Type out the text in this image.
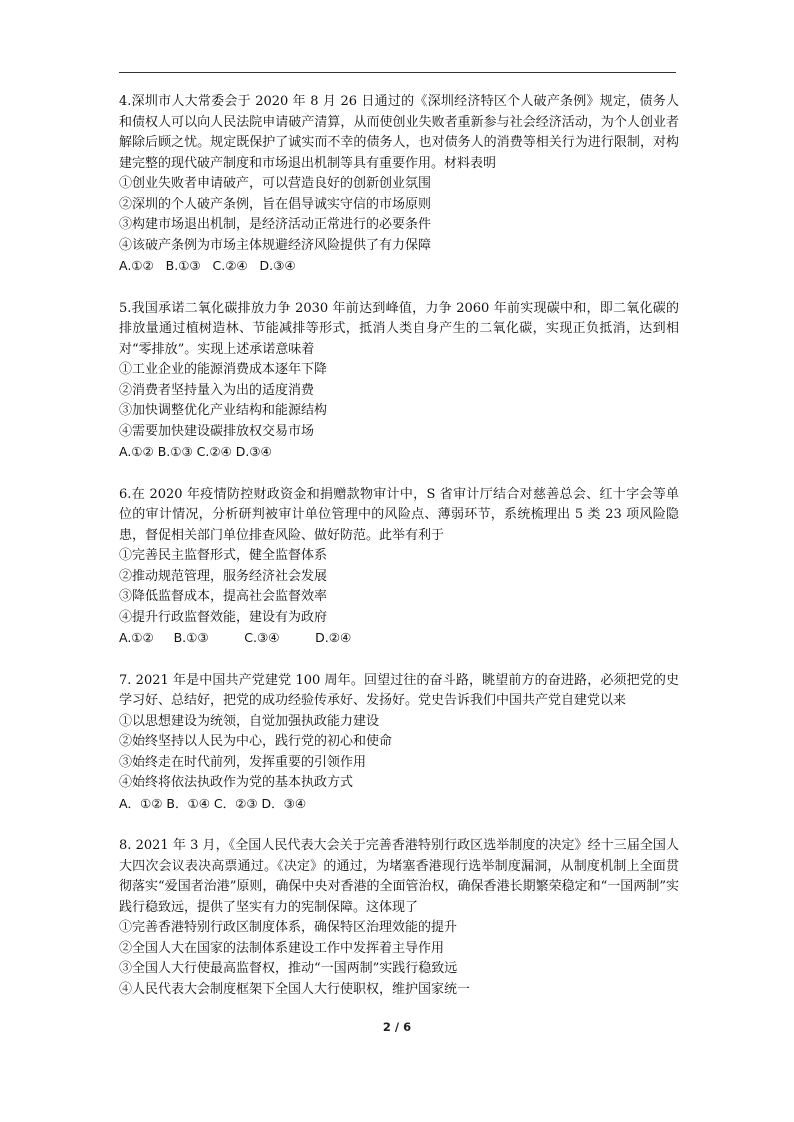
4.深圳市人大常委会于 2020 年 8 月 26 日通过的《深圳经济特区个人破产条例》规定，债务人和债权人可以向人民法院申请破产清算，从而使创业失败者重新参与社会经济活动，为个人创业者解除后顾之忧。规定既保护了诚实而不幸的债务人，也对债务人的消费等相关行为进行限制，对构建完整的现代破产制度和市场退出机制等具有重要作用。材料表明

①创业失败者申请破产，可以营造良好的创新创业氛围

②深圳的个人破产条例，旨在倡导诚实守信的市场原则

③构建市场退出机制，是经济活动正常进行的必要条件

④该破产条例为市场主体规避经济风险提供了有力保障

A.①②   B.①③   C.②④   D.③④

5.我国承诺二氧化碳排放力争 2030 年前达到峰值，力争 2060 年前实现碳中和，即二氧化碳的排放量通过植树造林、节能减排等形式，抵消人类自身产生的二氧化碳，实现正负抵消，达到相对“零排放”。实现上述承诺意味着

①工业企业的能源消费成本逐年下降

②消费者坚持量入为出的适度消费

③加快调整优化产业结构和能源结构

④需要加快建设碳排放权交易市场

A.①② B.①③ C.②④ D.③④

6.在 2020 年疫情防控财政资金和捐赠款物审计中，S 省审计厅结合对慈善总会、红十字会等单位的审计情况，分析研判被审计单位管理中的风险点、薄弱环节，系统梳理出 5 类 23 项风险隐患，督促相关部门单位排查风险、做好防范。此举有利于

①完善民主监督形式，健全监督体系

②推动规范管理，服务经济社会发展

③降低监督成本，提高社会监督效率

④提升行政监督效能，建设有为政府

A.①②     B.①③         C.③④         D.②④

7. 2021 年是中国共产党建党 100 周年。回望过往的奋斗路，眺望前方的奋进路，必须把党的史学习好、总结好，把党的成功经验传承好、发扬好。党史告诉我们中国共产党自建党以来

①以思想建设为统领，自觉加强执政能力建设

②始终坚持以人民为中心，践行党的初心和使命

③始终走在时代前列，发挥重要的引领作用

④始终将依法执政作为党的基本执政方式

A．①② B．①④ C．②③ D．③④

8. 2021 年 3 月，《全国人民代表大会关于完善香港特别行政区选举制度的决定》经十三届全国人大四次会议表决高票通过。《决定》的通过，为堵塞香港现行选举制度漏洞，从制度机制上全面贯彻落实“爱国者治港”原则，确保中央对香港的全面管治权，确保香港长期繁荣稳定和“一国两制”实践行稳致远，提供了坚实有力的宪制保障。这体现了

①完善香港特别行政区制度体系，确保特区治理效能的提升

②全国人大在国家的法制体系建设工作中发挥着主导作用

③全国人大行使最高监督权，推动“一国两制”实践行稳致远

④人民代表大会制度框架下全国人大行使职权，维护国家统一

2 / 6
